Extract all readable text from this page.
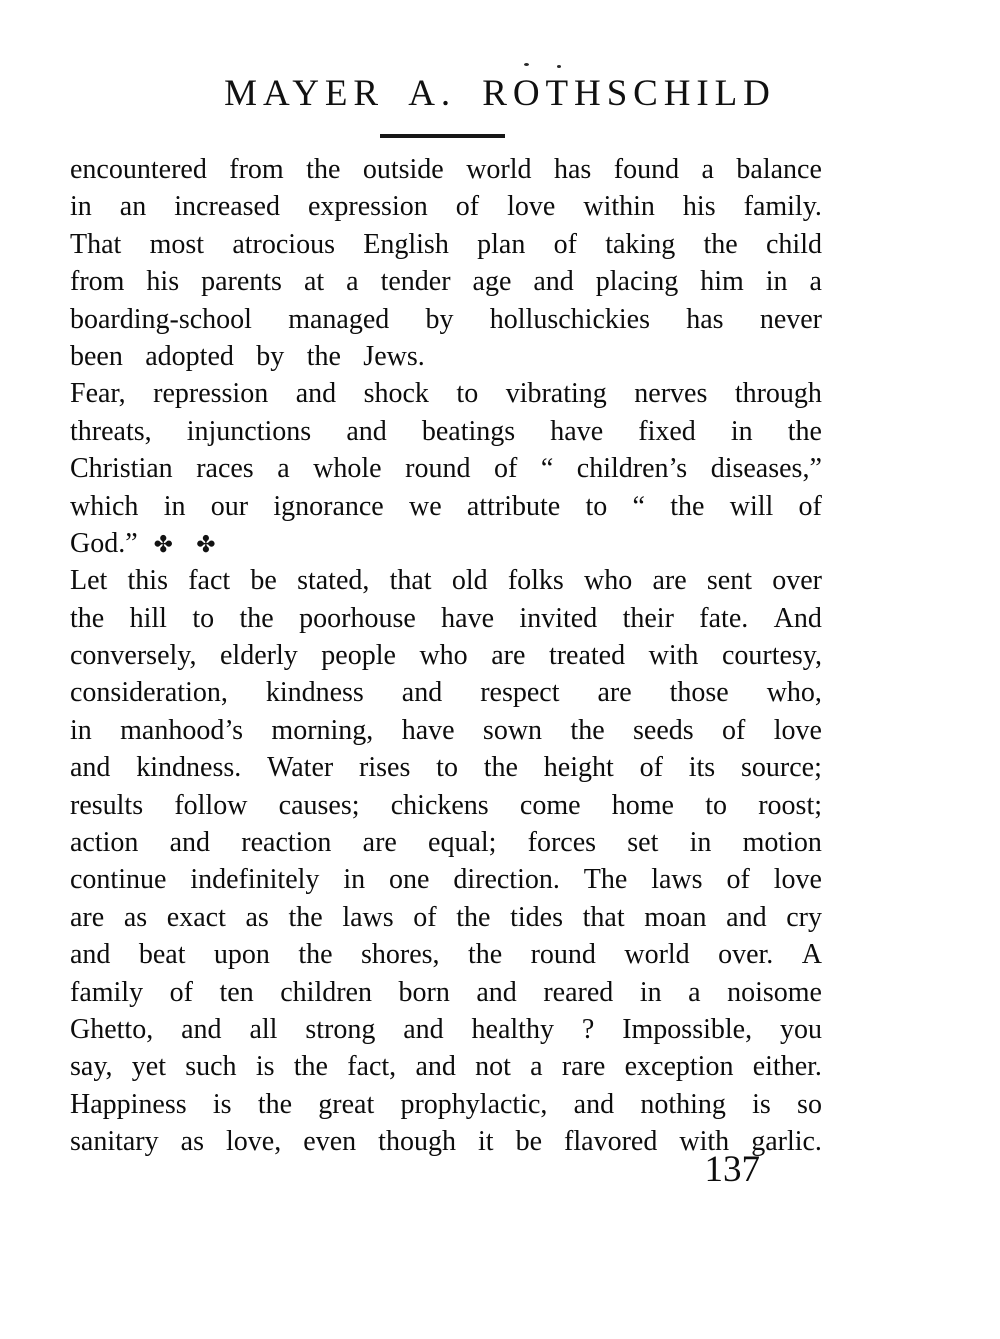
MAYER A. ROTHSCHILD
encountered from the outside world has found a balance
in an increased expression of love within his family.
That most atrocious English plan of taking the child
from his parents at a tender age and placing him in a
boarding-school managed by holluschickies has never
been adopted by the Jews.
Fear, repression and shock to vibrating nerves through
threats, injunctions and beatings have fixed in the
Christian races a whole round of “ children’s diseases,”
which in our ignorance we attribute to “ the will of
God.” ✤ ✤
Let this fact be stated, that old folks who are sent over
the hill to the poorhouse have invited their fate. And
conversely, elderly people who are treated with courtesy,
consideration, kindness and respect are those who,
in manhood’s morning, have sown the seeds of love
and kindness. Water rises to the height of its source;
results follow causes; chickens come home to roost;
action and reaction are equal; forces set in motion
continue indefinitely in one direction. The laws of love
are as exact as the laws of the tides that moan and cry
and beat upon the shores, the round world over. A
family of ten children born and reared in a noisome
Ghetto, and all strong and healthy ? Impossible, you
say, yet such is the fact, and not a rare exception either.
Happiness is the great prophylactic, and nothing is so
sanitary as love, even though it be flavored with garlic.
137
